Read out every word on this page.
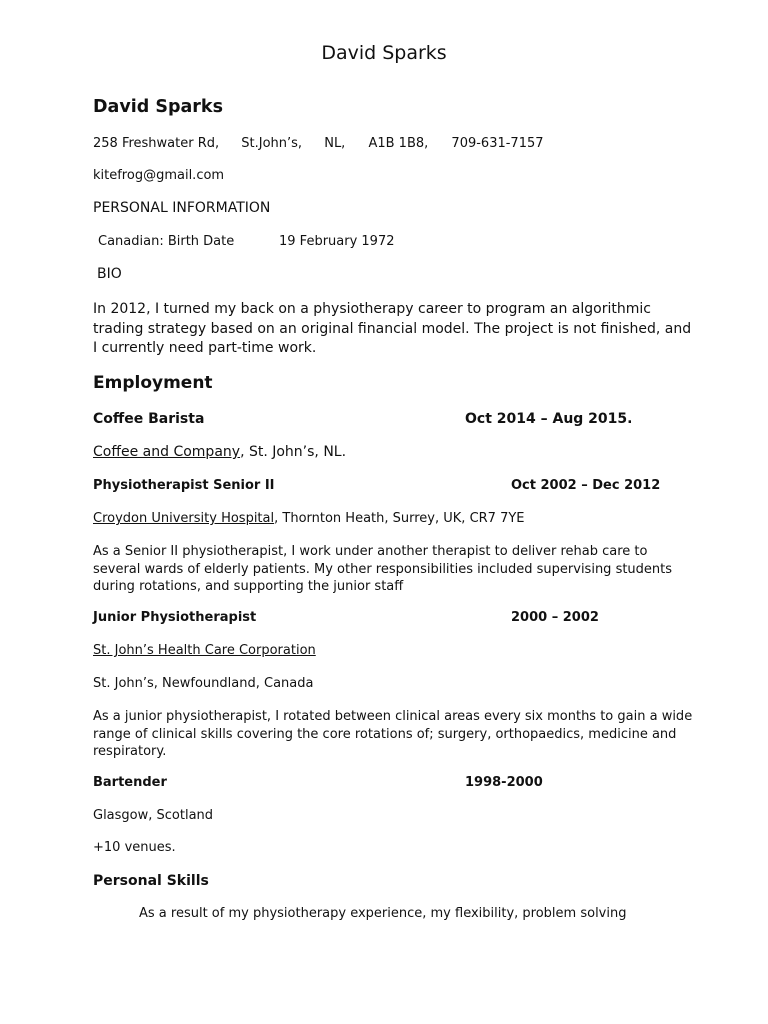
David Sparks
David Sparks
258 Freshwater Rd, St.John’s, NL, A1B 1B8, 709-631-7157
kitefrog@gmail.com
PERSONAL INFORMATION
Canadian: Birth Date	19 February 1972
BIO
In 2012, I turned my back on a physiotherapy career to program an algorithmic trading strategy based on an original financial model. The project is not finished, and I currently need part-time work.
Employment
Coffee Barista	Oct 2014 – Aug 2015.
Coffee and Company, St. John’s, NL.
Physiotherapist Senior II	Oct 2002 – Dec 2012
Croydon University Hospital, Thornton Heath, Surrey, UK, CR7 7YE
As a Senior II physiotherapist, I work under another therapist to deliver rehab care to several wards of elderly patients. My other responsibilities included supervising students during rotations, and supporting the junior staff
Junior Physiotherapist	2000 – 2002
St. John’s Health Care Corporation
St. John’s, Newfoundland, Canada
As a junior physiotherapist, I rotated between clinical areas every six months to gain a wide range of clinical skills covering the core rotations of; surgery, orthopaedics, medicine and respiratory.
Bartender	1998-2000
Glasgow, Scotland
+10 venues.
Personal Skills
As a result of my physiotherapy experience, my flexibility, problem solving
